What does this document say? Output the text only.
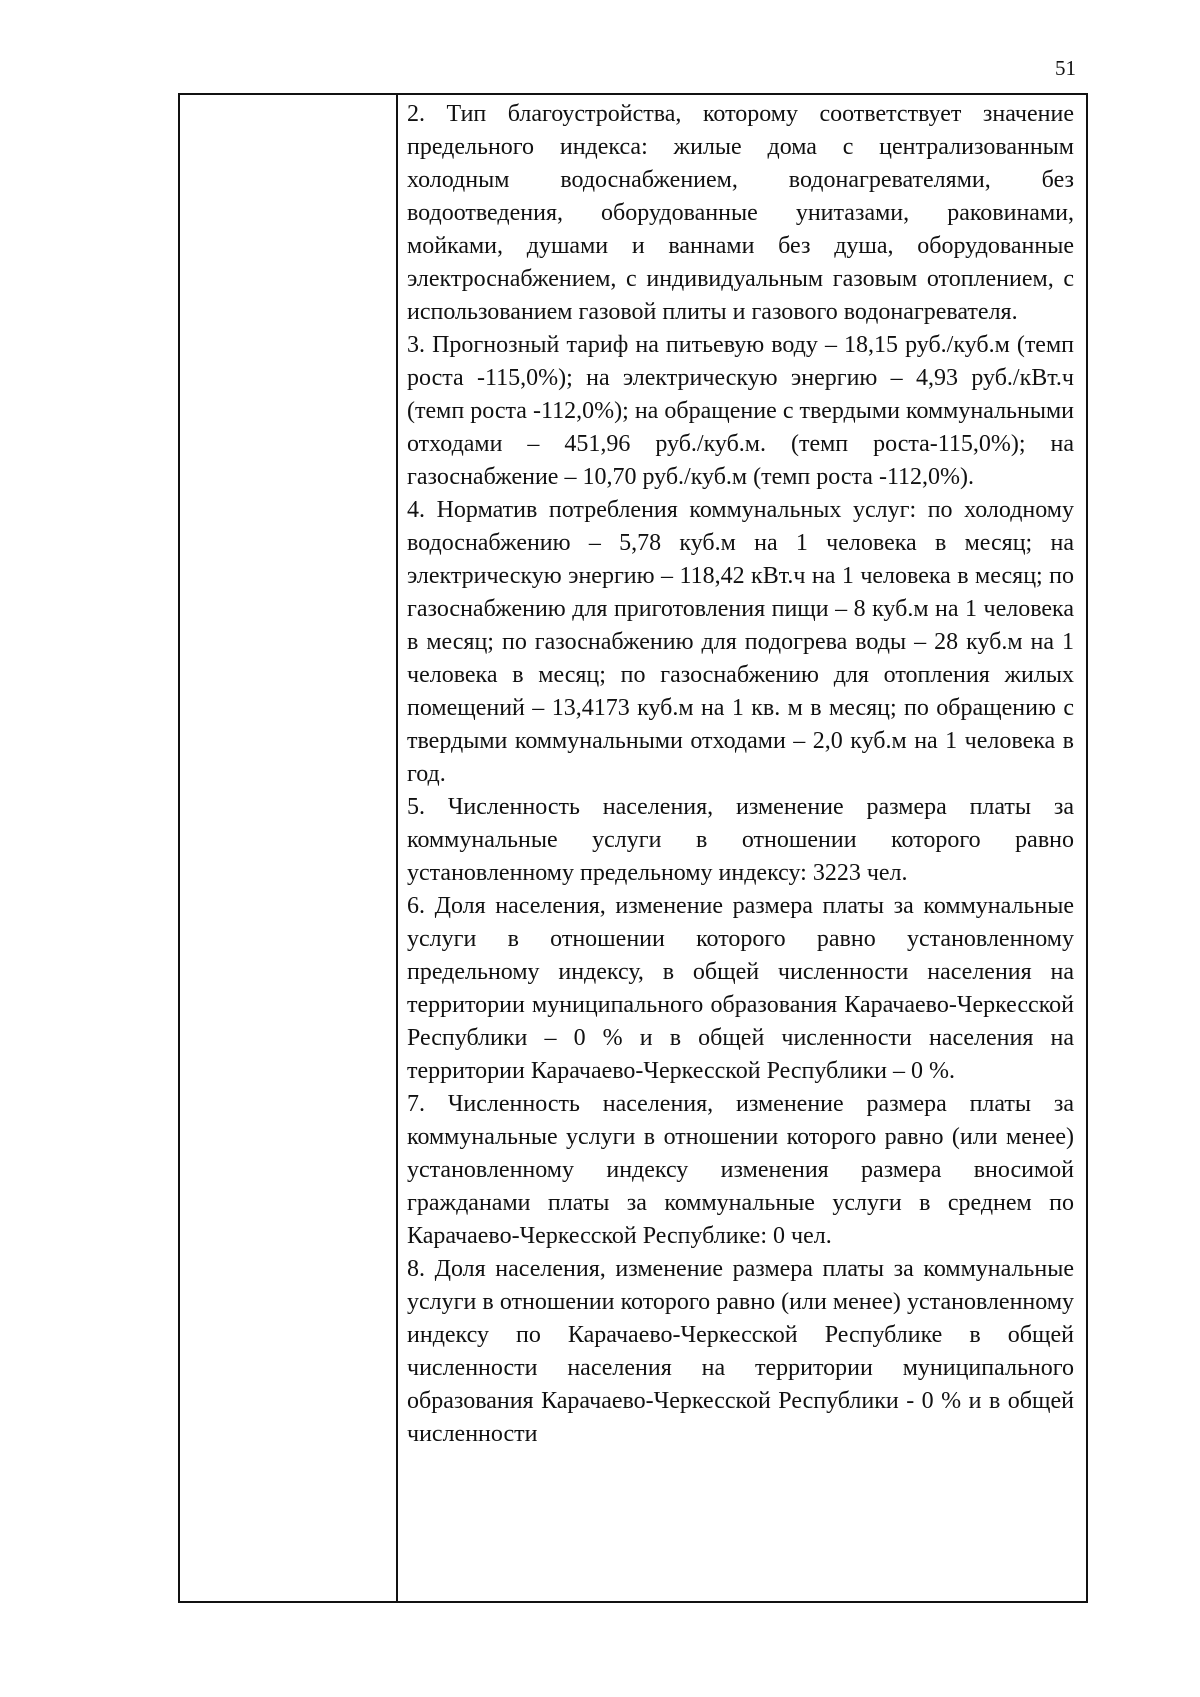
51

2. Тип благоустройства, которому соответствует значение предельного индекса: жилые дома с централизованным холодным водоснабжением, водонагревателями, без водоотведения, оборудованные унитазами, раковинами, мойками, душами и ваннами без душа, оборудованные электроснабжением, с индивидуальным газовым отоплением, с использованием газовой плиты и газового водонагревателя.

3. Прогнозный тариф на питьевую воду – 18,15 руб./куб.м (темп роста -115,0%); на электрическую энергию – 4,93 руб./кВт.ч (темп роста -112,0%); на обращение с твердыми коммунальными отходами – 451,96 руб./куб.м. (темп роста-115,0%); на газоснабжение – 10,70 руб./куб.м (темп роста -112,0%).

4. Норматив потребления коммунальных услуг: по холодному водоснабжению – 5,78 куб.м на 1 человека в месяц; на электрическую энергию – 118,42 кВт.ч на 1 человека в месяц; по газоснабжению для приготовления пищи – 8 куб.м на 1 человека в месяц; по газоснабжению для подогрева воды – 28 куб.м на 1 человека в месяц; по газоснабжению для отопления жилых помещений – 13,4173 куб.м на 1 кв. м в месяц; по обращению с твердыми коммунальными отходами – 2,0 куб.м на 1 человека в год.

5. Численность населения, изменение размера платы за коммунальные услуги в отношении которого равно установленному предельному индексу: 3223 чел.

6. Доля населения, изменение размера платы за коммунальные услуги в отношении которого равно установленному предельному индексу, в общей численности населения на территории муниципального образования Карачаево-Черкесской Республики – 0 % и в общей численности населения на территории Карачаево-Черкесской Республики – 0 %.

7. Численность населения, изменение размера платы за коммунальные услуги в отношении которого равно (или менее) установленному индексу изменения размера вносимой гражданами платы за коммунальные услуги в среднем по Карачаево-Черкесской Республике: 0 чел.

8. Доля населения, изменение размера платы за коммунальные услуги в отношении которого равно (или менее) установленному индексу по Карачаево-Черкесской Республике в общей численности населения на территории муниципального образования Карачаево-Черкесской Республики - 0 % и в общей численности
